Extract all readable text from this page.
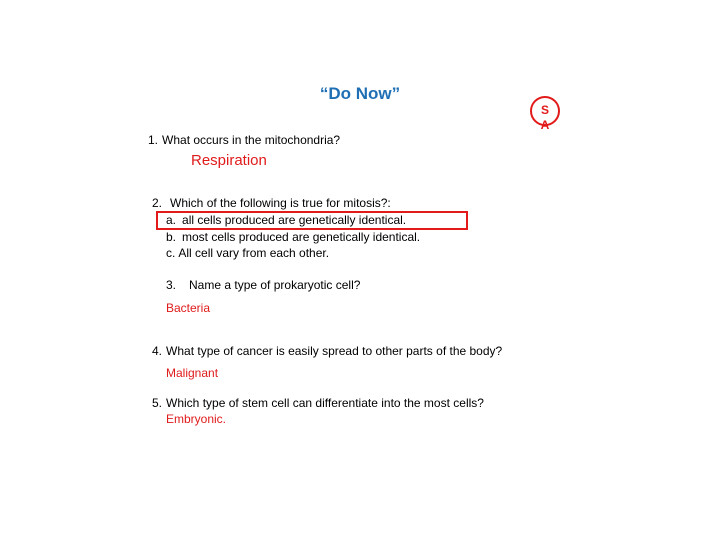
“Do Now”
S
A
1. What occurs in the mitochondria?
Respiration
2. Which of the following is true for mitosis?:
a. all cells produced are genetically identical.
b. most cells produced are genetically identical.
c. All cell vary from each other.
3. Name a type of prokaryotic cell?
Bacteria
4. What type of cancer is easily spread to other parts of the body?
Malignant
5. Which type of stem cell can differentiate into the most cells?
Embryonic.
